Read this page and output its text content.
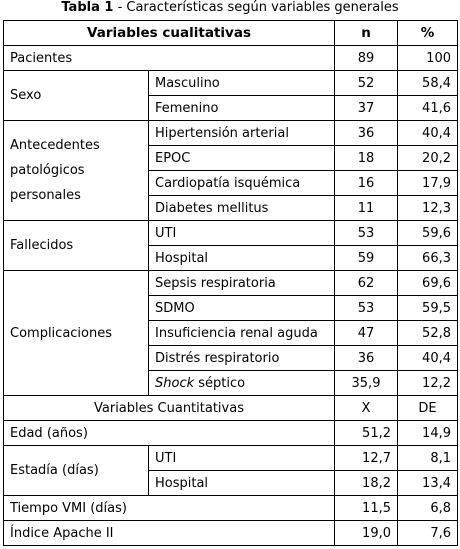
Tabla 1 - Características según variables generales
Variables cualitativas		n	%
Pacientes		89	100
Sexo	Masculino	52	58,4
	Femenino	37	41,6
Antecedentes
patológicos
personales	Hipertensión arterial	36	40,4
	EPOC	18	20,2
	Cardiopatía isquémica	16	17,9
	Diabetes mellitus	11	12,3
Fallecidos	UTI	53	59,6
	Hospital	59	66,3
Complicaciones	Sepsis respiratoria	62	69,6
	SDMO	53	59,5
	Insuficiencia renal aguda	47	52,8
	Distrés respiratorio	36	40,4
	Shock séptico	35,9	12,2
Variables Cuantitativas		X	DE
Edad (años)		51,2	14,9
Estadía (días)	UTI	12,7	8,1
	Hospital	18,2	13,4
Tiempo VMI (días)		11,5	6,8
Índice Apache II		19,0	7,6
